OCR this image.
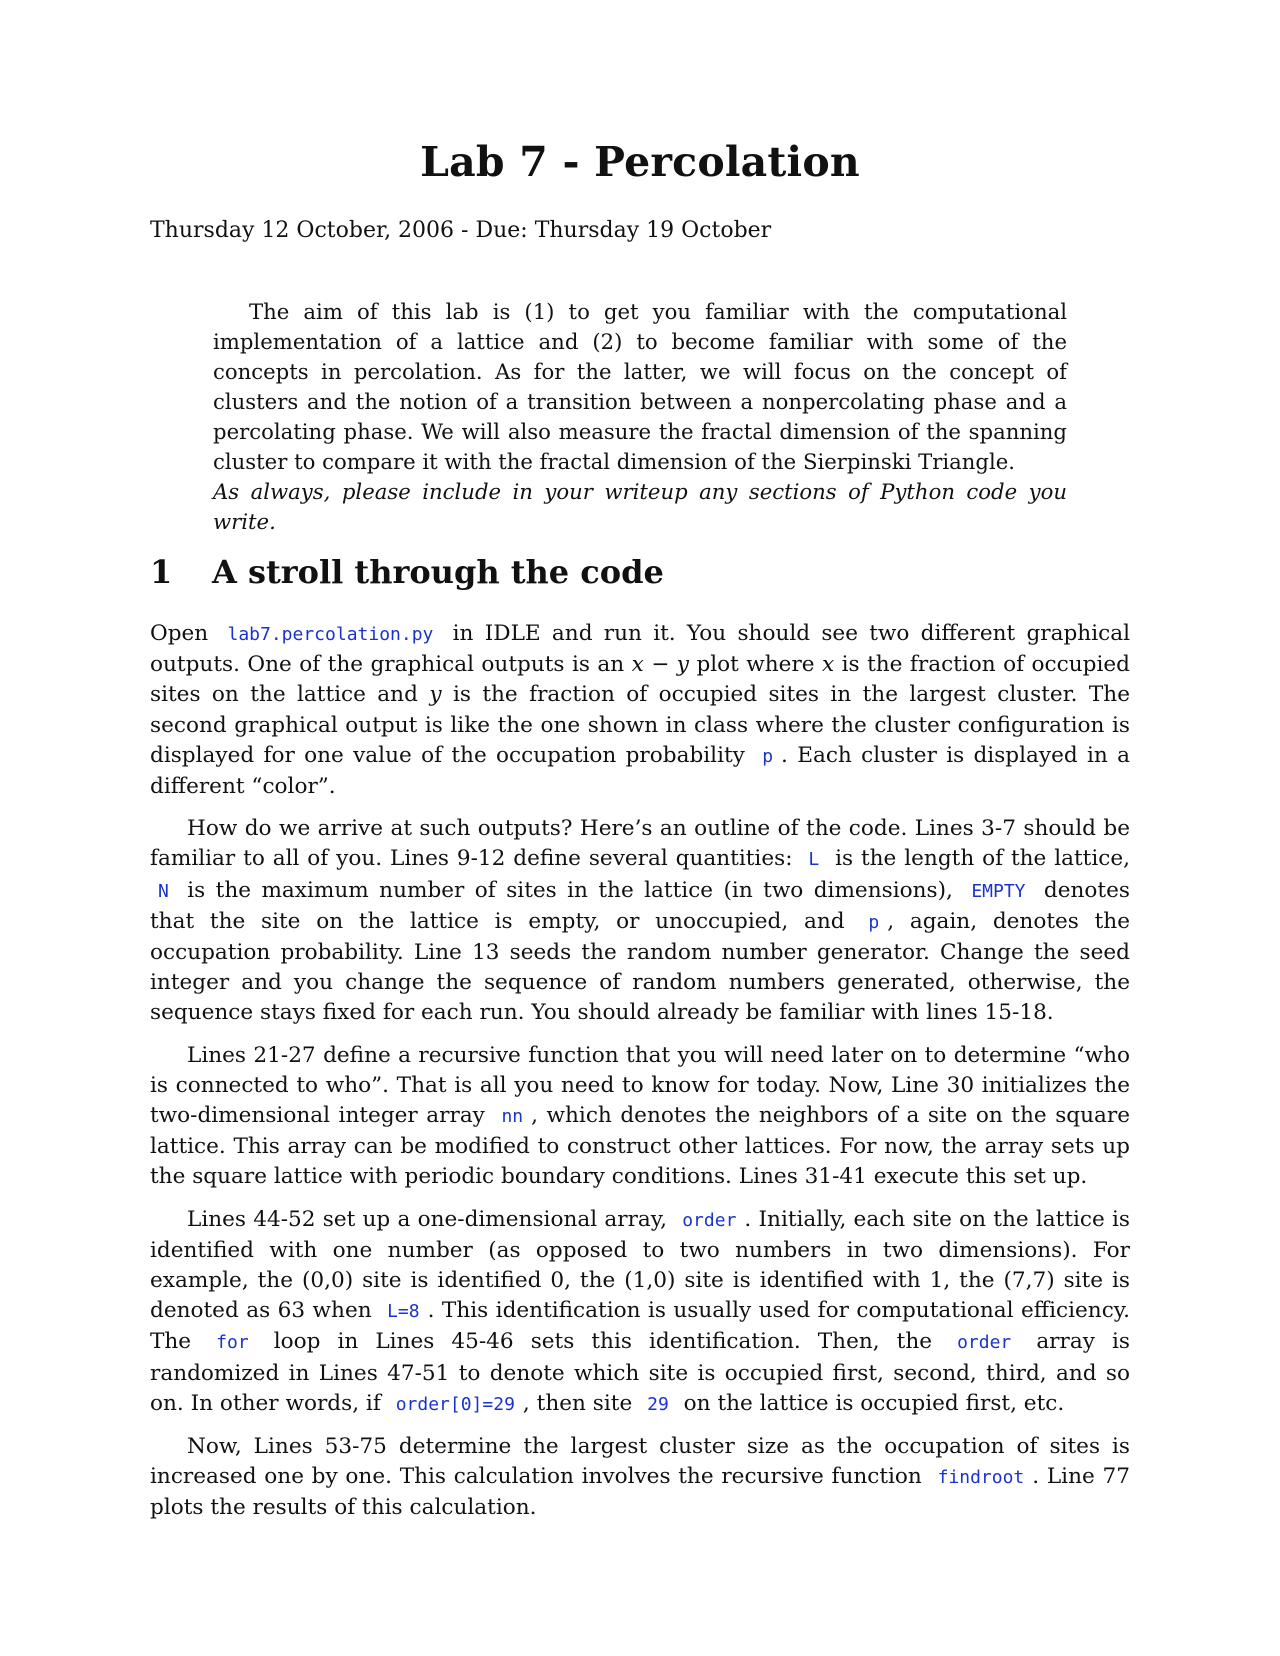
Lab 7 - Percolation
Thursday 12 October, 2006 - Due: Thursday 19 October

The aim of this lab is (1) to get you familiar with the computational implementation of a lattice and (2) to become familiar with some of the concepts in percolation. As for the latter, we will focus on the concept of clusters and the notion of a transition between a nonpercolating phase and a percolating phase. We will also measure the fractal dimension of the spanning cluster to compare it with the fractal dimension of the Sierpinski Triangle.

As always, please include in your writeup any sections of Python code you write.

1 A stroll through the code

Open lab7.percolation.py in IDLE and run it. You should see two different graphical outputs. One of the graphical outputs is an x − y plot where x is the fraction of occupied sites on the lattice and y is the fraction of occupied sites in the largest cluster. The second graphical output is like the one shown in class where the cluster configuration is displayed for one value of the occupation probability p . Each cluster is displayed in a different “color”.

How do we arrive at such outputs? Here’s an outline of the code. Lines 3-7 should be familiar to all of you. Lines 9-12 define several quantities: L is the length of the lattice, N is the maximum number of sites in the lattice (in two dimensions), EMPTY denotes that the site on the lattice is empty, or unoccupied, and p , again, denotes the occupation probability. Line 13 seeds the random number generator. Change the seed integer and you change the sequence of random numbers generated, otherwise, the sequence stays fixed for each run. You should already be familiar with lines 15-18.

Lines 21-27 define a recursive function that you will need later on to determine “who is connected to who”. That is all you need to know for today. Now, Line 30 initializes the two-dimensional integer array nn , which denotes the neighbors of a site on the square lattice. This array can be modified to construct other lattices. For now, the array sets up the square lattice with periodic boundary conditions. Lines 31-41 execute this set up.

Lines 44-52 set up a one-dimensional array, order . Initially, each site on the lattice is identified with one number (as opposed to two numbers in two dimensions). For example, the (0,0) site is identified 0, the (1,0) site is identified with 1, the (7,7) site is denoted as 63 when L=8 . This identification is usually used for computational efficiency. The for loop in Lines 45-46 sets this identification. Then, the order array is randomized in Lines 47-51 to denote which site is occupied first, second, third, and so on. In other words, if order[0]=29 , then site 29 on the lattice is occupied first, etc.

Now, Lines 53-75 determine the largest cluster size as the occupation of sites is increased one by one. This calculation involves the recursive function findroot . Line 77 plots the results of this calculation.
